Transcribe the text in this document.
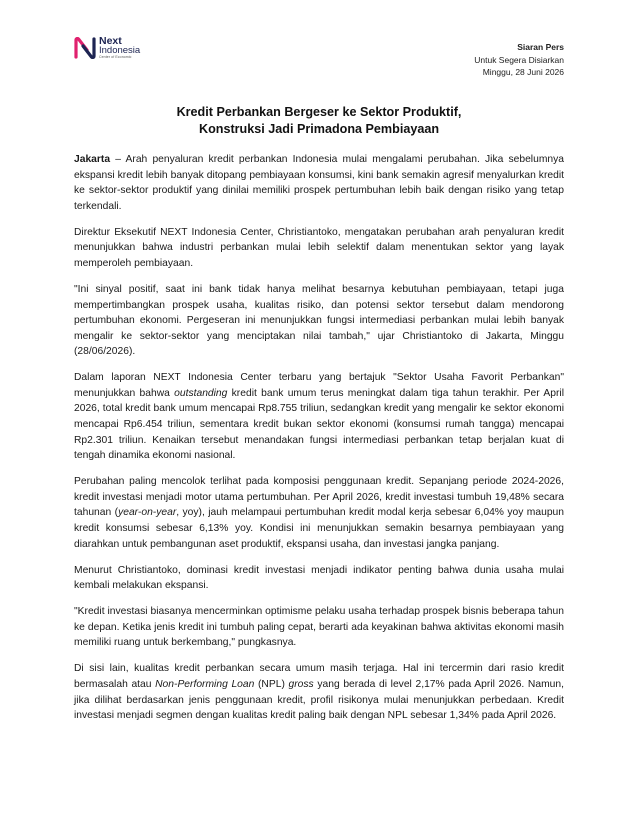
Next
Indonesia
Center of Economic
Siaran Pers
Untuk Segera Disiarkan
Minggu, 28 Juni 2026
Kredit Perbankan Bergeser ke Sektor Produktif,
Konstruksi Jadi Primadona Pembiayaan

Jakarta – Arah penyaluran kredit perbankan Indonesia mulai mengalami perubahan. Jika sebelumnya ekspansi kredit lebih banyak ditopang pembiayaan konsumsi, kini bank semakin agresif menyalurkan kredit ke sektor-sektor produktif yang dinilai memiliki prospek pertumbuhan lebih baik dengan risiko yang tetap terkendali.

Direktur Eksekutif NEXT Indonesia Center, Christiantoko, mengatakan perubahan arah penyaluran kredit menunjukkan bahwa industri perbankan mulai lebih selektif dalam menentukan sektor yang layak memperoleh pembiayaan.

"Ini sinyal positif, saat ini bank tidak hanya melihat besarnya kebutuhan pembiayaan, tetapi juga mempertimbangkan prospek usaha, kualitas risiko, dan potensi sektor tersebut dalam mendorong pertumbuhan ekonomi. Pergeseran ini menunjukkan fungsi intermediasi perbankan mulai lebih banyak mengalir ke sektor-sektor yang menciptakan nilai tambah," ujar Christiantoko di Jakarta, Minggu (28/06/2026).

Dalam laporan NEXT Indonesia Center terbaru yang bertajuk "Sektor Usaha Favorit Perbankan" menunjukkan bahwa outstanding kredit bank umum terus meningkat dalam tiga tahun terakhir. Per April 2026, total kredit bank umum mencapai Rp8.755 triliun, sedangkan kredit yang mengalir ke sektor ekonomi mencapai Rp6.454 triliun, sementara kredit bukan sektor ekonomi (konsumsi rumah tangga) mencapai Rp2.301 triliun. Kenaikan tersebut menandakan fungsi intermediasi perbankan tetap berjalan kuat di tengah dinamika ekonomi nasional.

Perubahan paling mencolok terlihat pada komposisi penggunaan kredit. Sepanjang periode 2024-2026, kredit investasi menjadi motor utama pertumbuhan. Per April 2026, kredit investasi tumbuh 19,48% secara tahunan (year-on-year, yoy), jauh melampaui pertumbuhan kredit modal kerja sebesar 6,04% yoy maupun kredit konsumsi sebesar 6,13% yoy. Kondisi ini menunjukkan semakin besarnya pembiayaan yang diarahkan untuk pembangunan aset produktif, ekspansi usaha, dan investasi jangka panjang.

Menurut Christiantoko, dominasi kredit investasi menjadi indikator penting bahwa dunia usaha mulai kembali melakukan ekspansi.

"Kredit investasi biasanya mencerminkan optimisme pelaku usaha terhadap prospek bisnis beberapa tahun ke depan. Ketika jenis kredit ini tumbuh paling cepat, berarti ada keyakinan bahwa aktivitas ekonomi masih memiliki ruang untuk berkembang," pungkasnya.

Di sisi lain, kualitas kredit perbankan secara umum masih terjaga. Hal ini tercermin dari rasio kredit bermasalah atau Non-Performing Loan (NPL) gross yang berada di level 2,17% pada April 2026. Namun, jika dilihat berdasarkan jenis penggunaan kredit, profil risikonya mulai menunjukkan perbedaan. Kredit investasi menjadi segmen dengan kualitas kredit paling baik dengan NPL sebesar 1,34% pada April 2026.
